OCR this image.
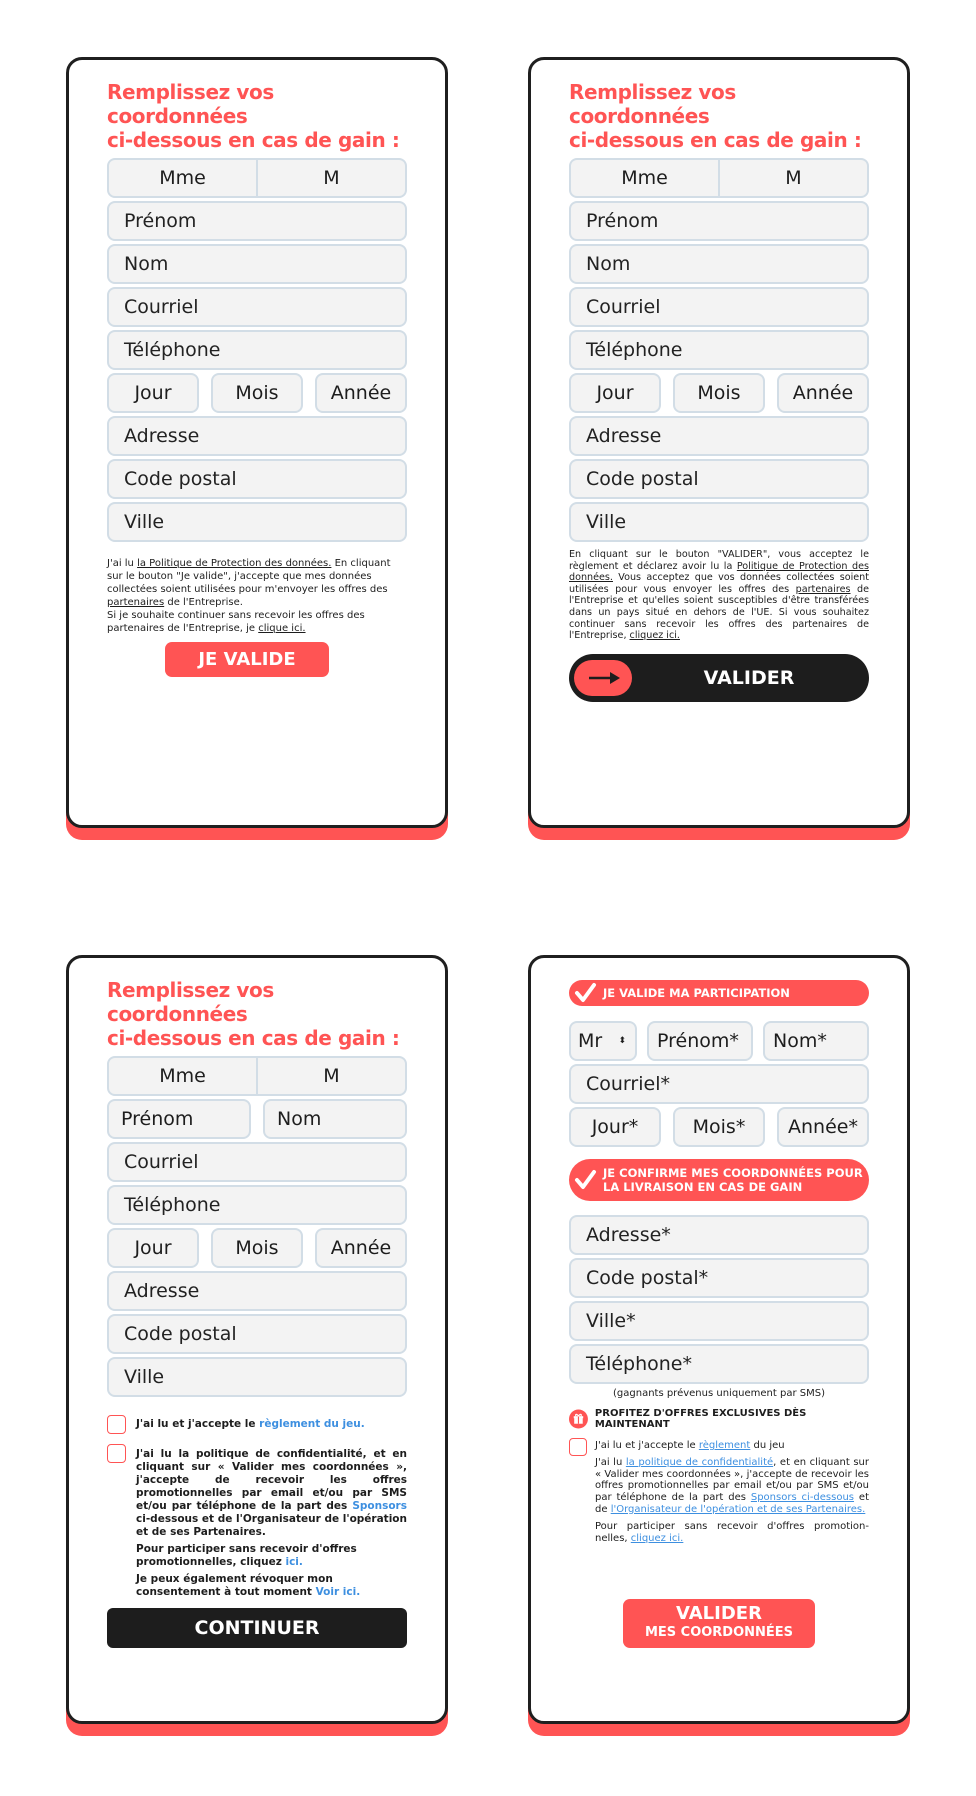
Remplissez vos coordonnées
ci-dessous en cas de gain :
Mme	M
Prénom
Nom
Courriel
Téléphone
Jour	Mois	Année
Adresse
Code postal
Ville
J'ai lu la Politique de Protection des données. En cliquant sur le bouton "Je valide", j'accepte que mes données collectées soient utilisées pour m'envoyer les offres des partenaires de l'Entreprise.
Si je souhaite continuer sans recevoir les offres des partenaires de l'Entreprise, je clique ici.
JE VALIDE
Remplissez vos coordonnées
ci-dessous en cas de gain :
Mme	M
Prénom
Nom
Courriel
Téléphone
Jour	Mois	Année
Adresse
Code postal
Ville
En cliquant sur le bouton "VALIDER", vous acceptez le règlement et déclarez avoir lu la Politique de Protection des données. Vous acceptez que vos données collectées soient utilisées pour vous envoyer les offres des partenaires de l'Entreprise et qu'elles soient susceptibles d'être transférées dans un pays situé en dehors de l'UE. Si vous souhaitez continuer sans recevoir les offres des partenaires de l'Entreprise, cliquez ici.
VALIDER
Remplissez vos coordonnées
ci-dessous en cas de gain :
Mme	M
Prénom	Nom
Courriel
Téléphone
Jour	Mois	Année
Adresse
Code postal
Ville
J'ai lu et j'accepte le règlement du jeu.
J'ai lu la politique de confidentialité, et en cliquant sur « Valider mes coordonnées », j'accepte de recevoir les offres promotionnelles par email et/ou par SMS et/ou par téléphone de la part des Sponsors ci-dessous et de l'Organisateur de l'opération et de ses Partenaires.
Pour participer sans recevoir d'offres promotionnelles, cliquez ici.
Je peux également révoquer mon consentement à tout moment Voir ici.
CONTINUER
JE VALIDE MA PARTICIPATION
Mr ⬍	Prénom*	Nom*
Courriel*
Jour*	Mois*	Année*
JE CONFIRME MES COORDONNÉES POUR
LA LIVRAISON EN CAS DE GAIN
Adresse*
Code postal*
Ville*
Téléphone*
(gagnants prévenus uniquement par SMS)
PROFITEZ D'OFFRES EXCLUSIVES DÈS MAINTENANT
J'ai lu et j'accepte le règlement du jeu
J'ai lu la politique de confidentialité, et en cliquant sur « Valider mes coordonnées », j'accepte de recevoir les offres promotionnelles par email et/ou par SMS et/ou par téléphone de la part des Sponsors ci-dessous et de l'Organisateur de l'opération et de ses Partenaires.
Pour participer sans recevoir d'offres promotion-nelles, cliquez ici.
VALIDER
MES COORDONNÉES
